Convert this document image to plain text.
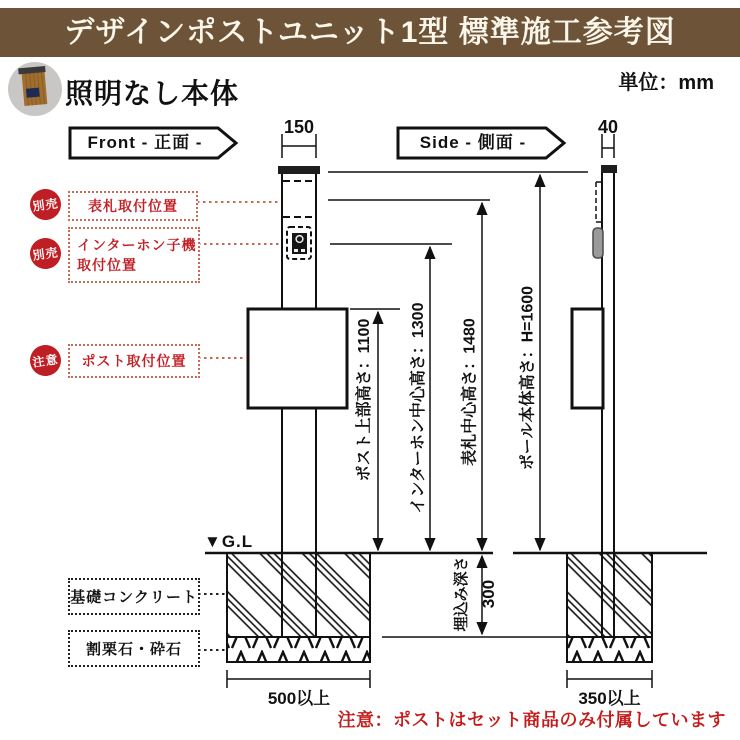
デザインポストユニット1型 標準施工参考図
単位：mm
照明なし本体
Front - 正面 -	Side - 側面 -
150	40
別売	表札取付位置
別売
インターホン子機
取付位置
注意	ポスト取付位置
基礎コンクリート
割栗石・砕石
ポスト上部高さ：1100 インターホン中心高さ：1300 表札中心高さ：1480	ポール本体高さ：H=1600
埋込み深さ 300
▼G.L
500以上	350以上
注意：ポストはセット商品のみ付属しています
